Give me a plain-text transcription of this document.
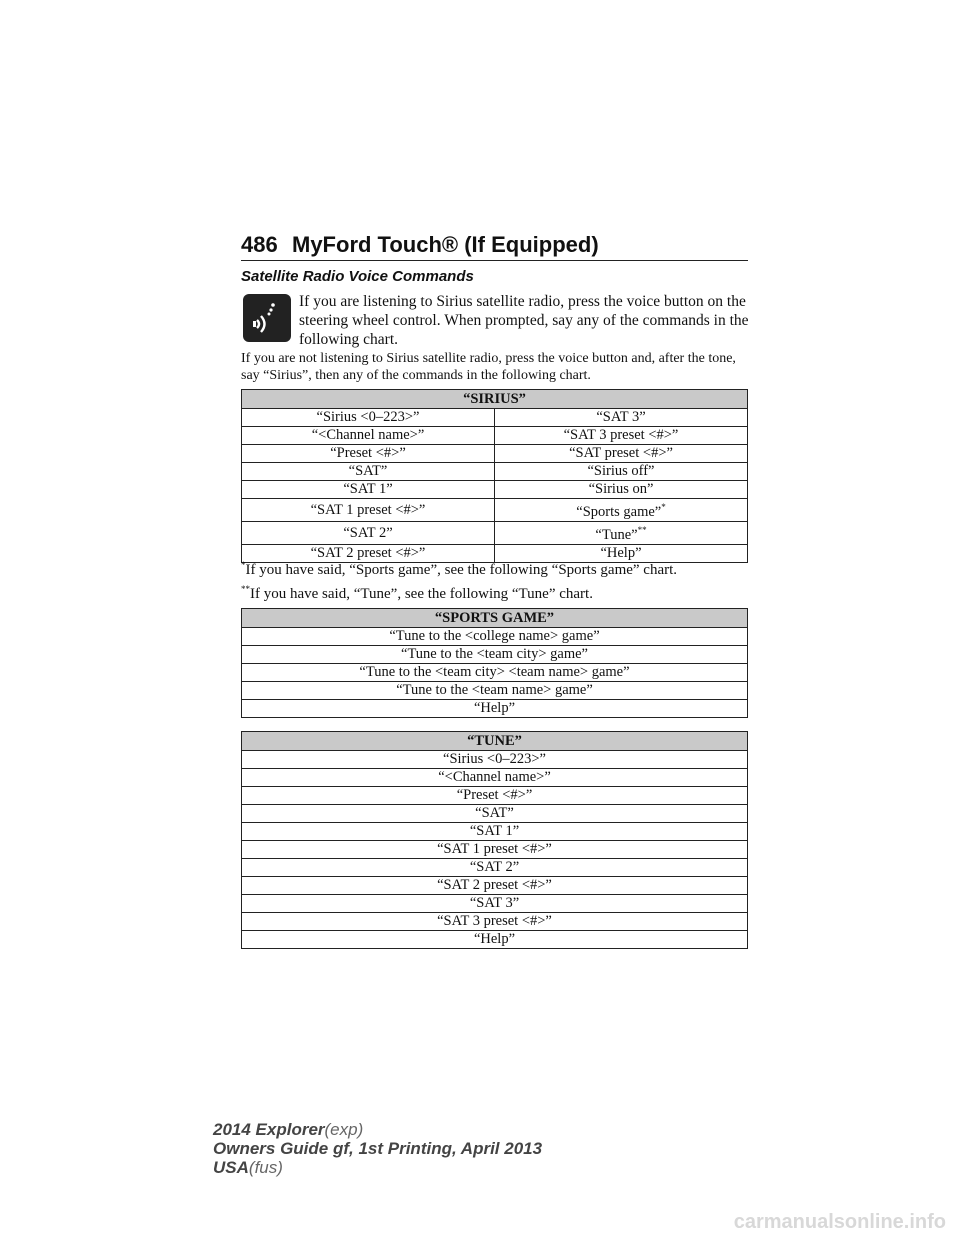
486 MyFord Touch® (If Equipped)
Satellite Radio Voice Commands
If you are listening to Sirius satellite radio, press the voice button on the steering wheel control. When prompted, say any of the commands in the following chart.
If you are not listening to Sirius satellite radio, press the voice button and, after the tone, say “Sirius”, then any of the commands in the following chart.
“SIRIUS”	
“Sirius <0–223>”	“SAT 3”
“<Channel name>”	“SAT 3 preset <#>”
“Preset <#>”	“SAT preset <#>”
“SAT”	“Sirius off”
“SAT 1”	“Sirius on”
“SAT 1 preset <#>”	“Sports game”*
“SAT 2”	“Tune”**
“SAT 2 preset <#>”	“Help”
*If you have said, “Sports game”, see the following “Sports game” chart.
**If you have said, “Tune”, see the following “Tune” chart.
“SPORTS GAME”
“Tune to the <college name> game”
“Tune to the <team city> game”
“Tune to the <team city> <team name> game”
“Tune to the <team name> game”
“Help”
“TUNE”
“Sirius <0–223>”
“<Channel name>”
“Preset <#>”
“SAT”
“SAT 1”
“SAT 1 preset <#>”
“SAT 2”
“SAT 2 preset <#>”
“SAT 3”
“SAT 3 preset <#>”
“Help”
2014 Explorer(exp)
Owners Guide gf, 1st Printing, April 2013
USA(fus)
carmanualsonline.info
